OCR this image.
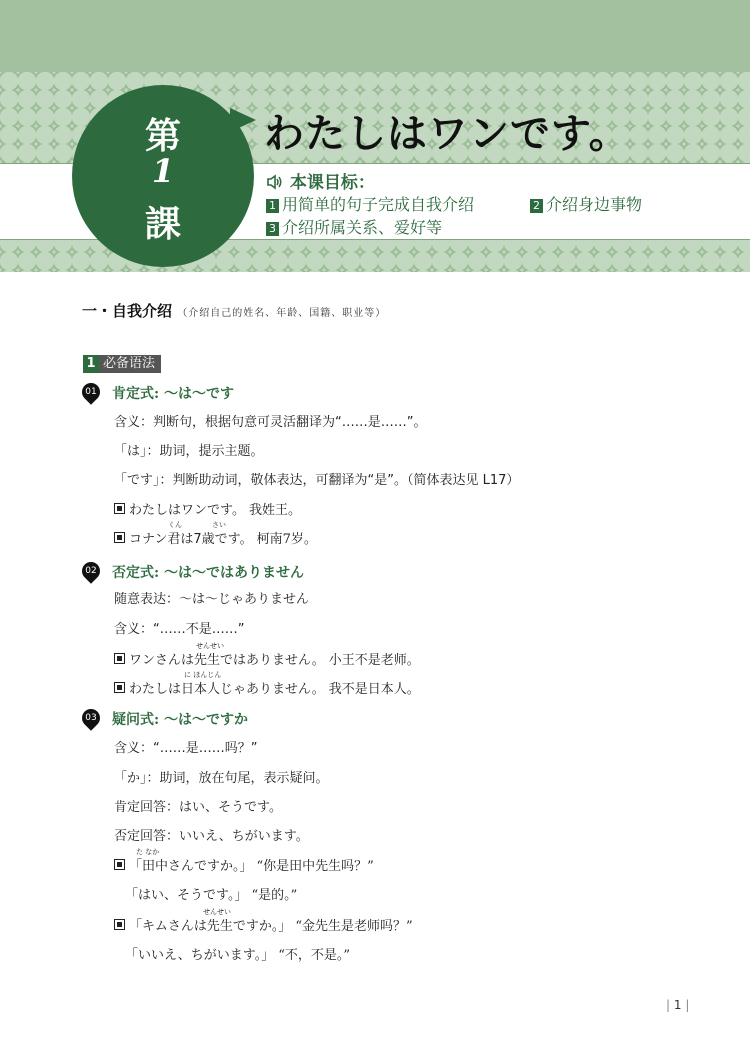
第
1
課
わたしはワンです。
本课目标：
1 用简单的句子完成自我介绍	2 介绍身边事物
3 介绍所属关系、爱好等
一・自我介绍 （介绍自己的姓名、年龄、国籍、职业等）
1 必备语法
01 肯定式: ～は～です
含义：判断句，根据句意可灵活翻译为“……是……”。
「は」：助词，提示主题。
「です」：判断助动词，敬体表达，可翻译为“是”。（简体表达见 L17）
わたしはワンです。 我姓王。
くん	さい
コナン君は7歳です。 柯南7岁。
02 否定式: ～は～ではありません
随意表达：～は～じゃありません
含义：“……不是……”
せんせい
ワンさんは先生ではありません。 小王不是老师。
に ほんじん
わたしは日本人じゃありません。 我不是日本人。
03 疑问式: ～は～ですか
含义：“……是……吗？”
「か」：助词，放在句尾，表示疑问。
肯定回答：はい、そうです。
否定回答：いいえ、ちがいます。
た なか
「田中さんですか。」 “你是田中先生吗？”
「はい、そうです。」 “是的。”
せんせい
「キムさんは先生ですか。」 “金先生是老师吗？”
「いいえ、ちがいます。」 “不，不是。”
| 1 |
